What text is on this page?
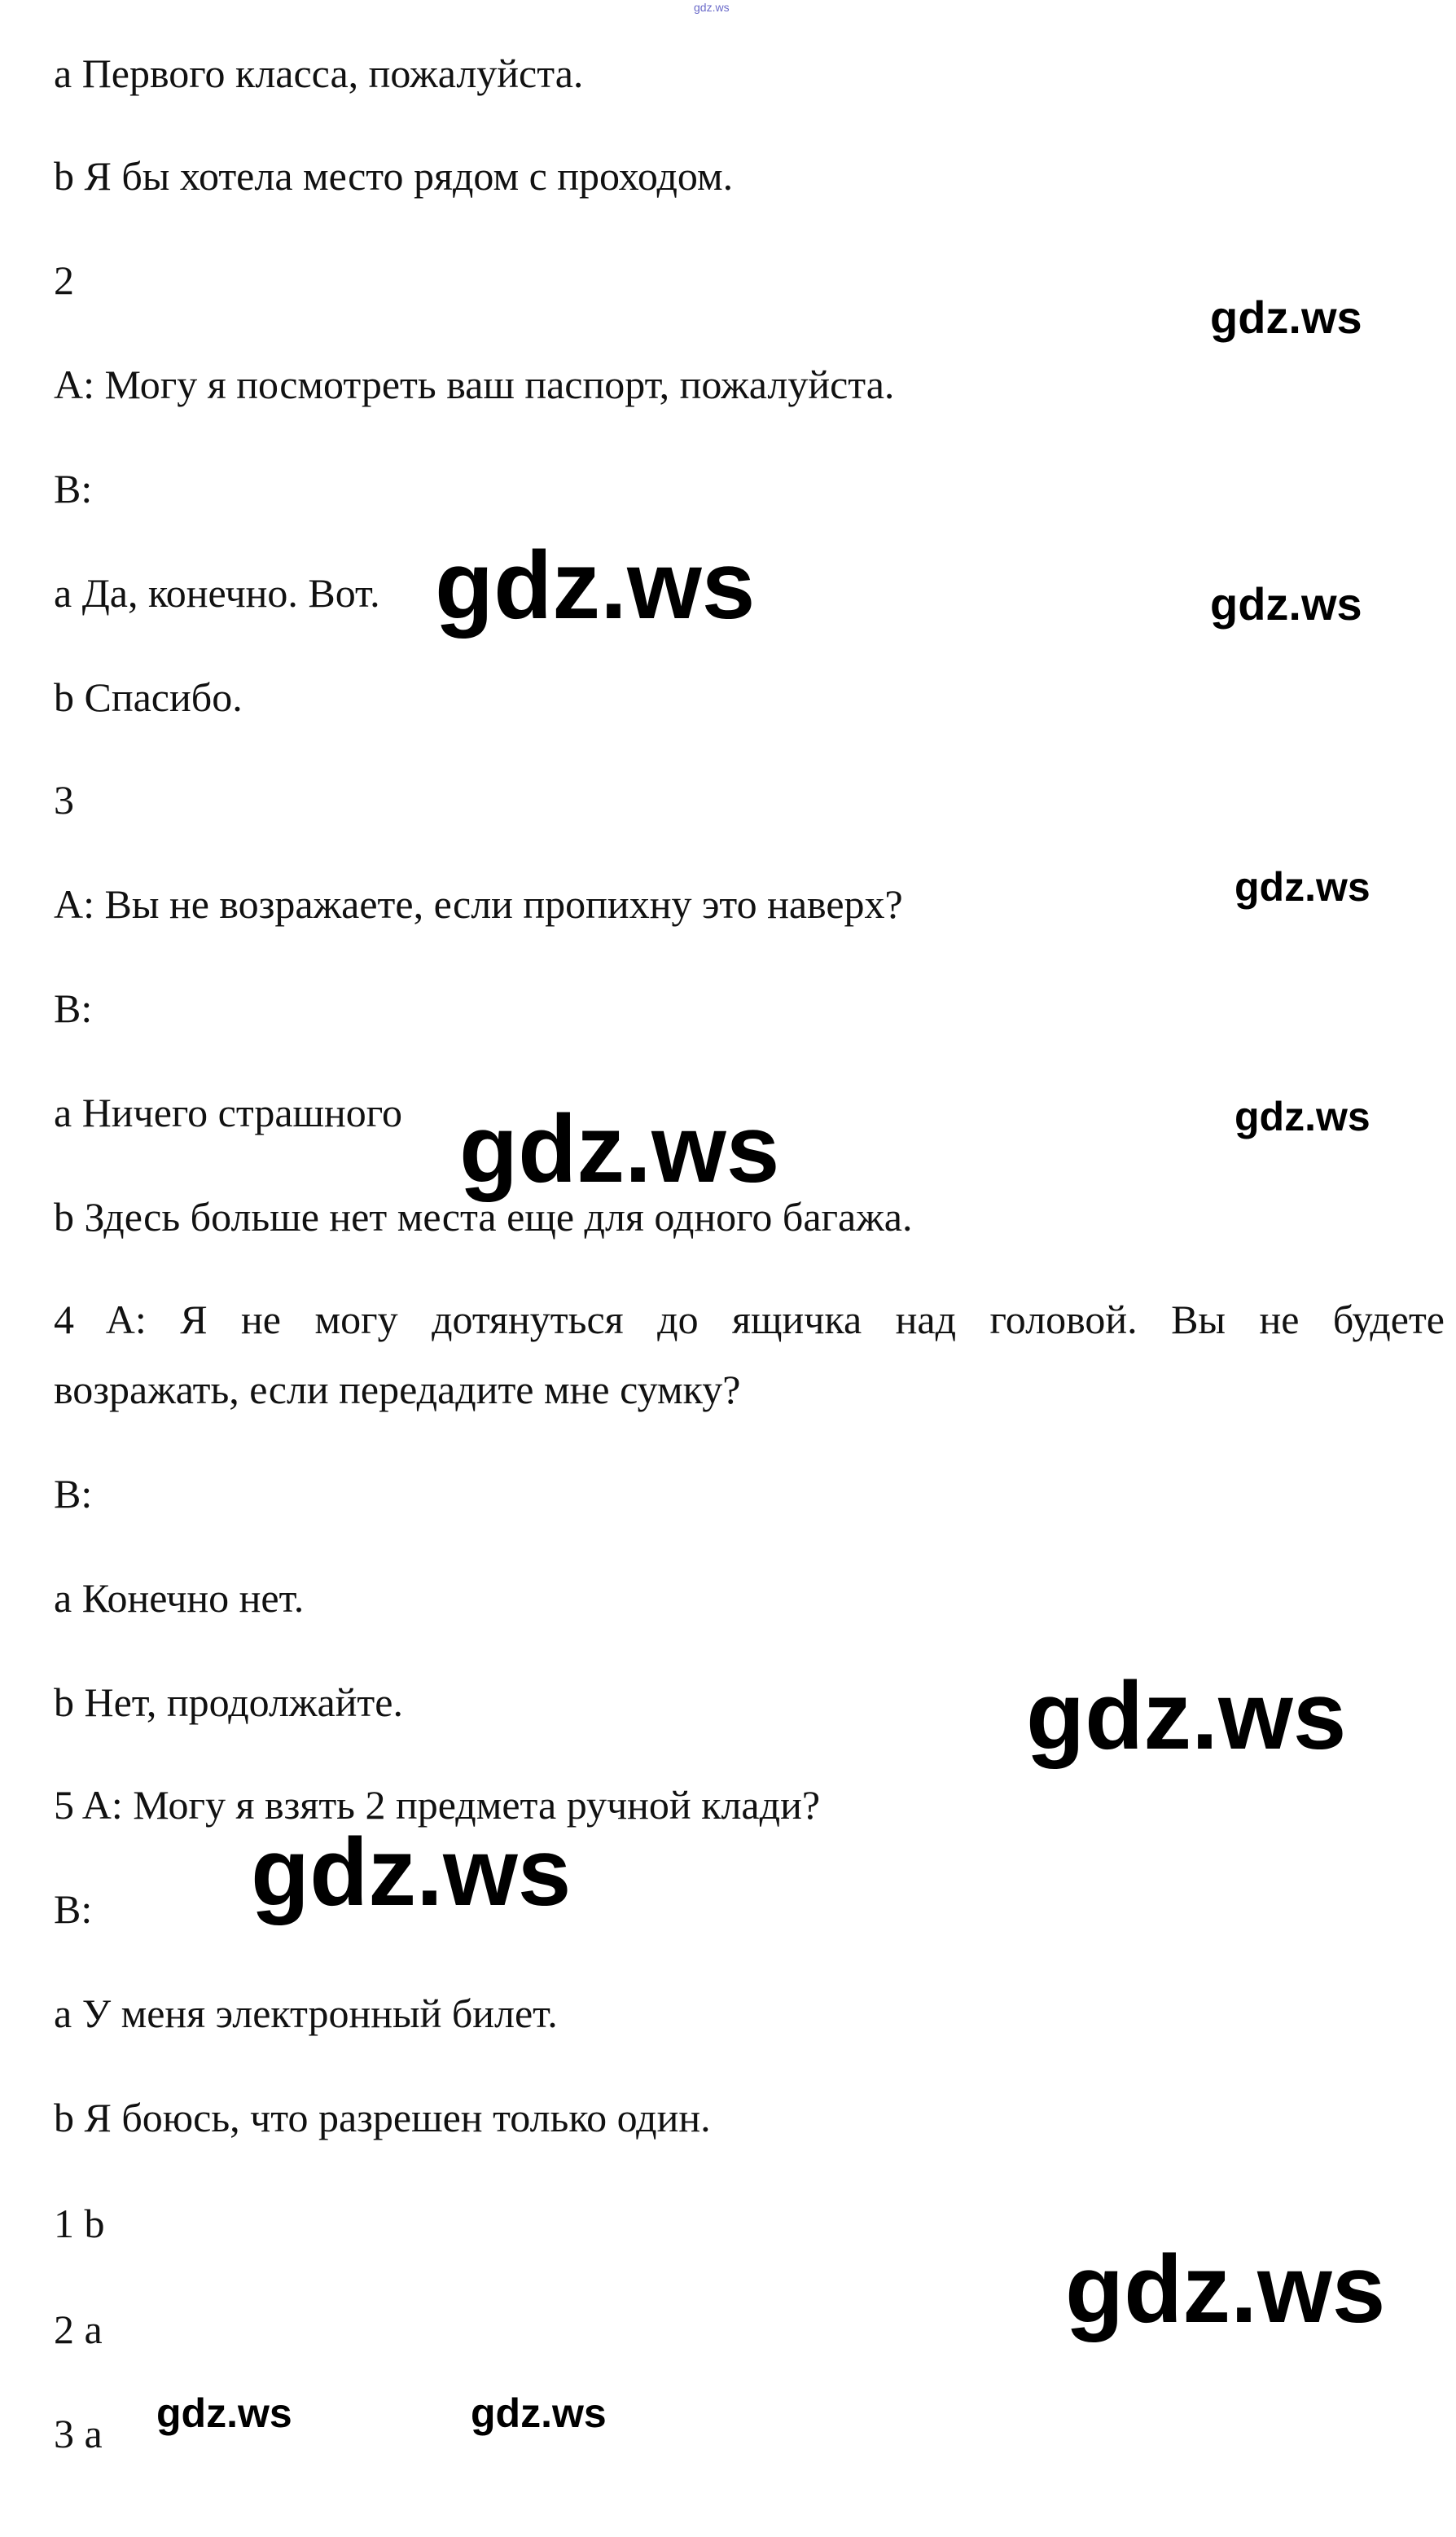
gdz.ws
a Первого класса, пожалуйста.
b Я бы хотела место рядом с проходом.
2
A: Могу я посмотреть ваш паспорт, пожалуйста.
B:
a Да, конечно. Вот.
b Спасибо.
3
A: Вы не возражаете, если пропихну это наверх?
B:
a Ничего страшного
b Здесь больше нет места еще для одного багажа.
4 A: Я не могу дотянуться до ящичка над головой. Вы не будете
возражать, если передадите мне сумку?
B:
a Конечно нет.
b Нет, продолжайте.
5 A: Могу я взять 2 предмета ручной клади?
B:
a У меня электронный билет.
b Я боюсь, что разрешен только один.
1 b
2 a
3 a
gdz.ws
gdz.ws	gdz.ws
gdz.ws
gdz.ws
gdz.ws
gdz.ws
gdz.ws
gdz.ws
gdz.ws	gdz.ws
